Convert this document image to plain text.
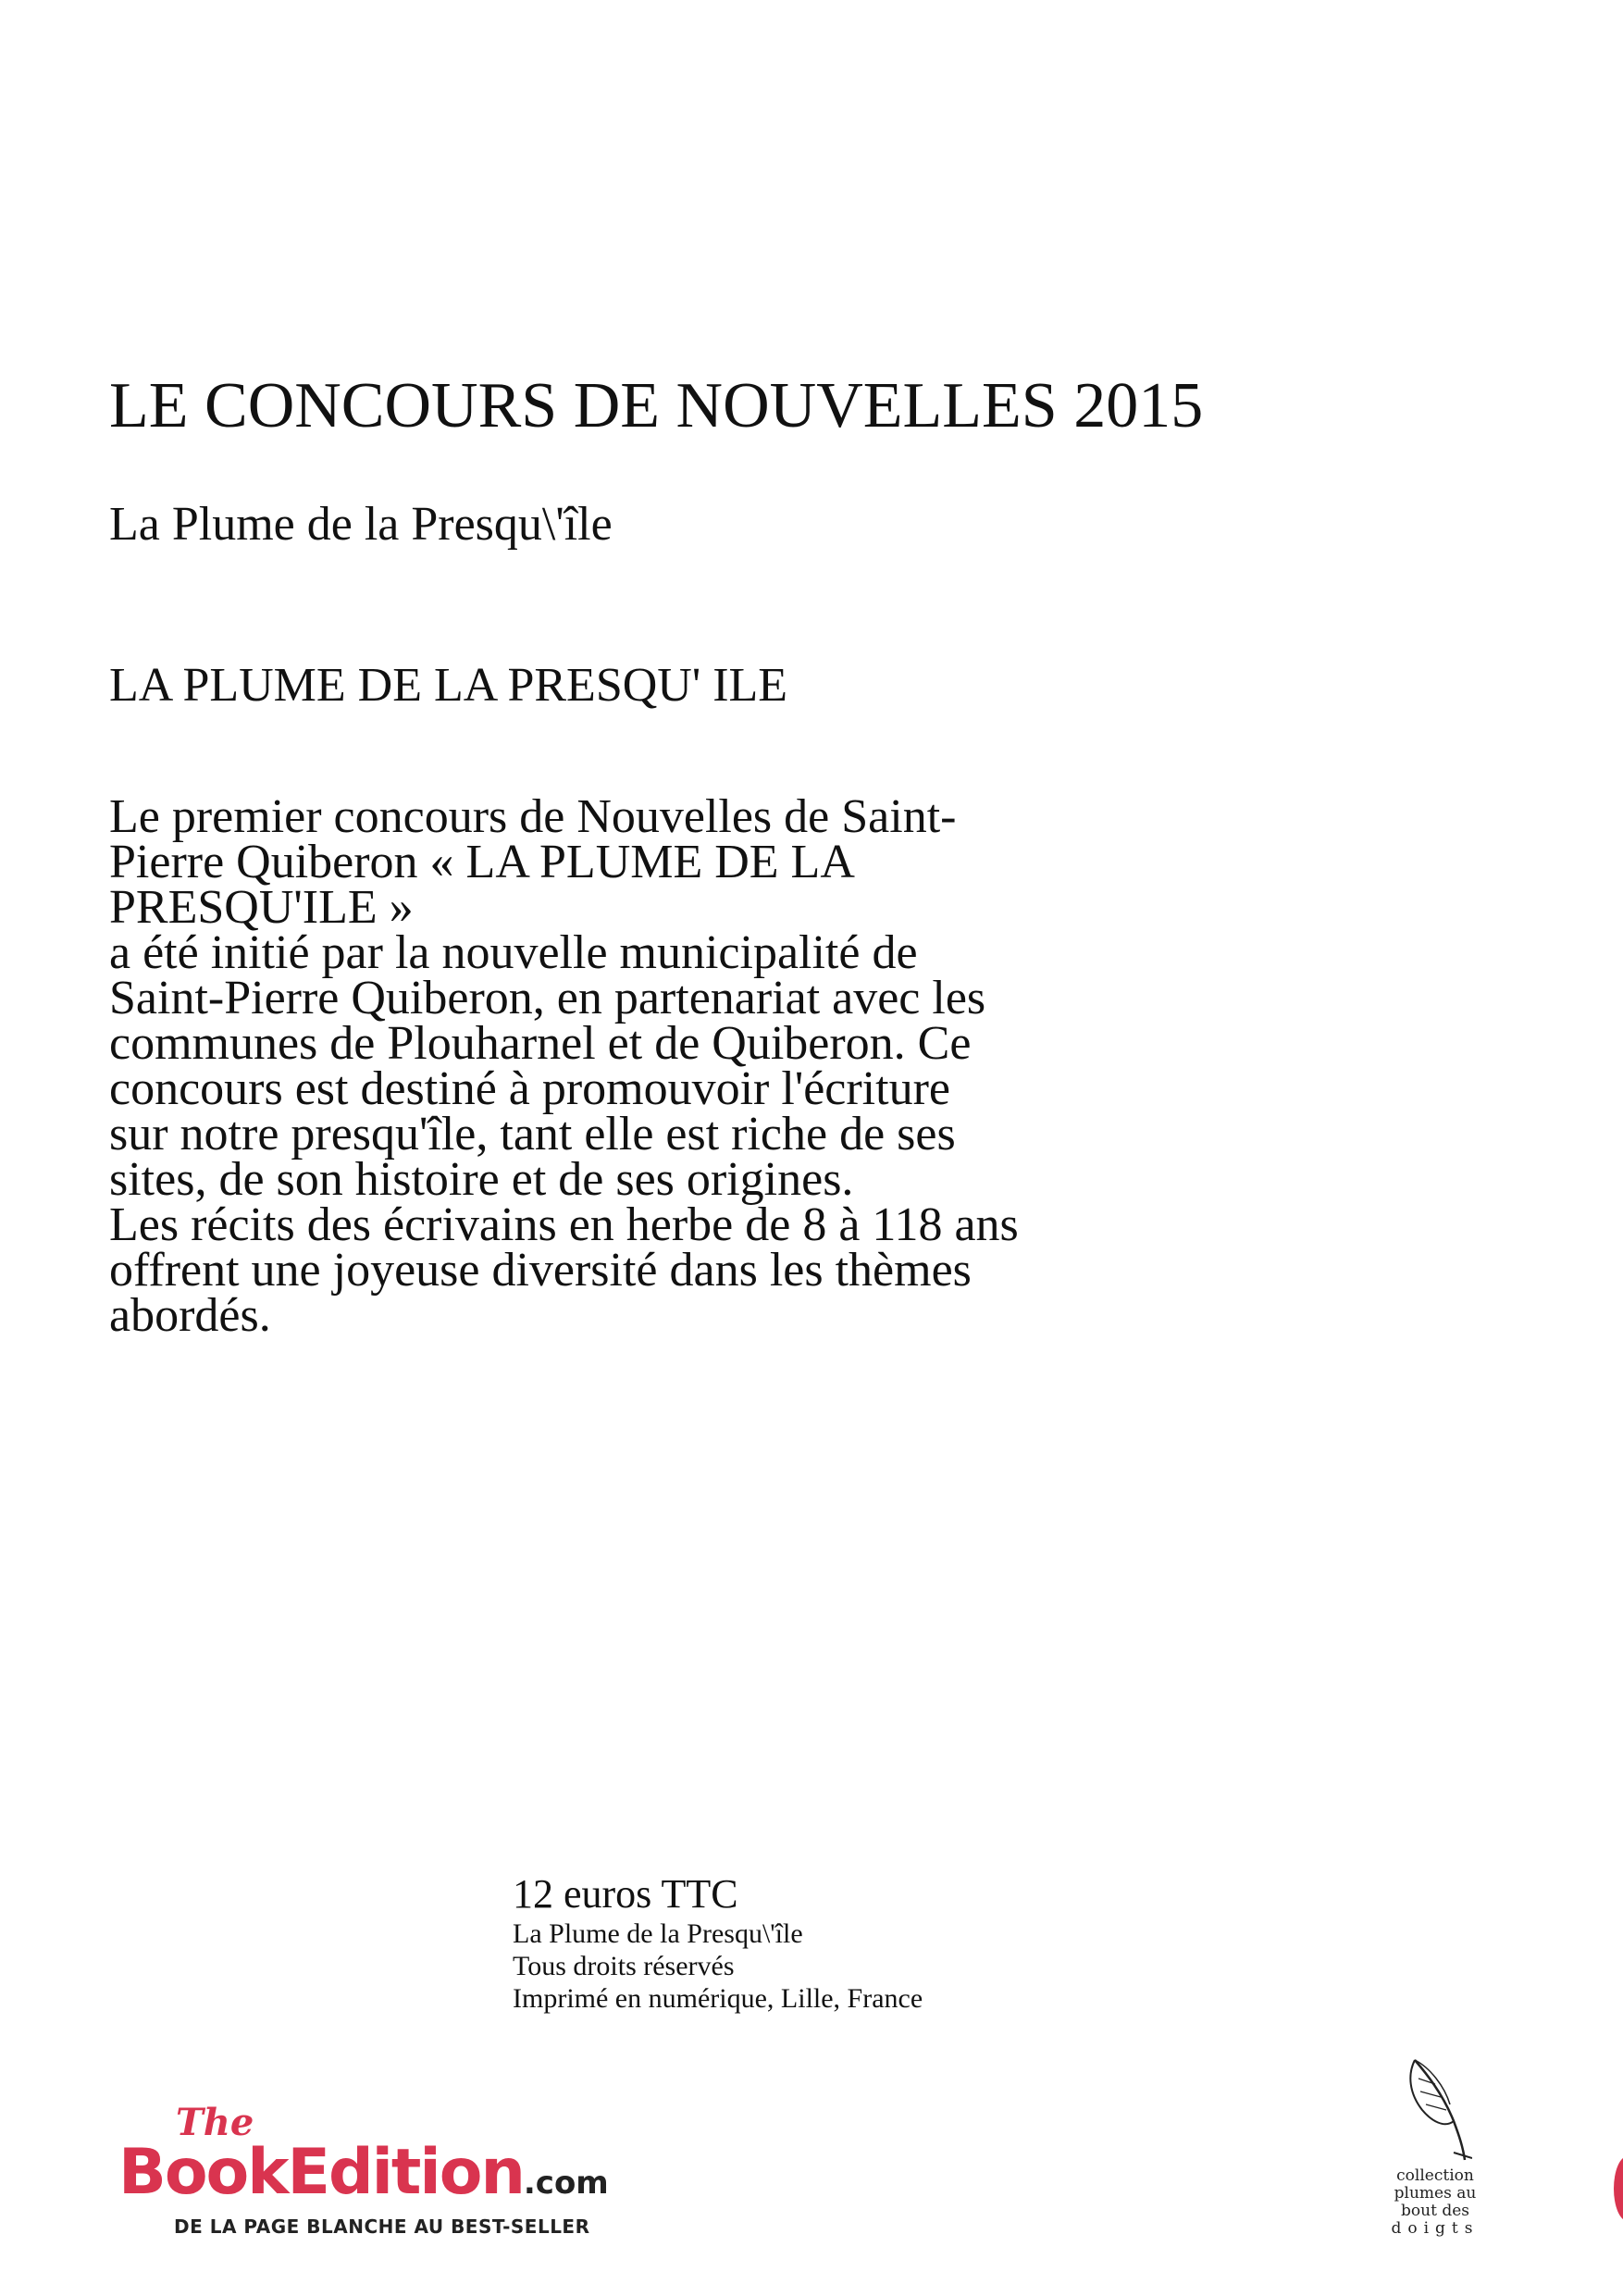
LE CONCOURS DE NOUVELLES 2015
La Plume de la Presqu\'île
LA PLUME DE LA PRESQU' ILE
Le premier concours de Nouvelles de Saint-
Pierre Quiberon « LA PLUME DE LA
PRESQU'ILE »
a été initié par la nouvelle municipalité de
Saint-Pierre Quiberon, en partenariat avec les
communes de Plouharnel et de Quiberon. Ce
concours est destiné à promouvoir l'écriture
sur notre presqu'île, tant elle est riche de ses
sites, de son histoire et de ses origines.
Les récits des écrivains en herbe de 8 à 118 ans
offrent une joyeuse diversité dans les thèmes
abordés.
12 euros TTC
La Plume de la Presqu\'île
Tous droits réservés
Imprimé en numérique, Lille, France
The
BookEdition.com
DE LA PAGE BLANCHE AU BEST-SELLER
collection
plumes au
bout des
doigts
